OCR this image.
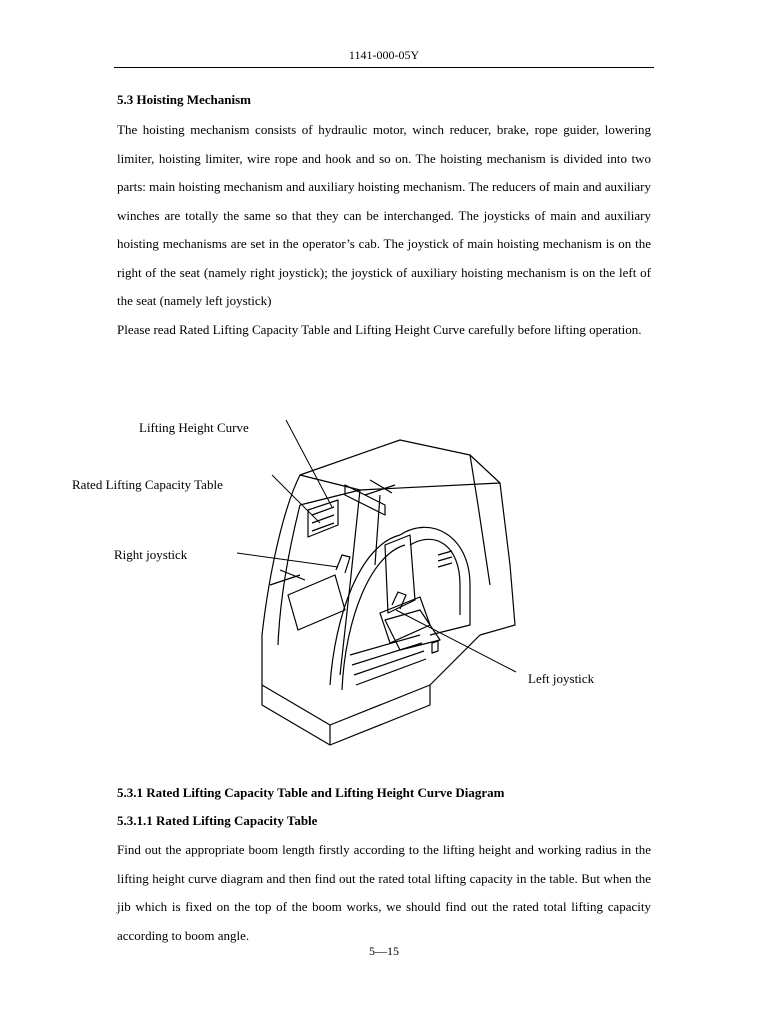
1141-000-05Y
5.3 Hoisting Mechanism

The hoisting mechanism consists of hydraulic motor, winch reducer, brake, rope guider, lowering limiter, hoisting limiter, wire rope and hook and so on. The hoisting mechanism is divided into two parts: main hoisting mechanism and auxiliary hoisting mechanism. The reducers of main and auxiliary winches are totally the same so that they can be interchanged. The joysticks of main and auxiliary hoisting mechanisms are set in the operator’s cab. The joystick of main hoisting mechanism is on the right of the seat (namely right joystick); the joystick of auxiliary hoisting mechanism is on the left of the seat (namely left joystick)

Please read Rated Lifting Capacity Table and Lifting Height Curve carefully before lifting operation.

Lifting Height Curve
Rated Lifting Capacity Table
Right joystick
Left joystick
5.3.1 Rated Lifting Capacity Table and Lifting Height Curve Diagram
5.3.1.1 Rated Lifting Capacity Table

Find out the appropriate boom length firstly according to the lifting height and working radius in the lifting height curve diagram and then find out the rated total lifting capacity in the table. But when the jib which is fixed on the top of the boom works, we should find out the rated total lifting capacity according to boom angle.

5—15
